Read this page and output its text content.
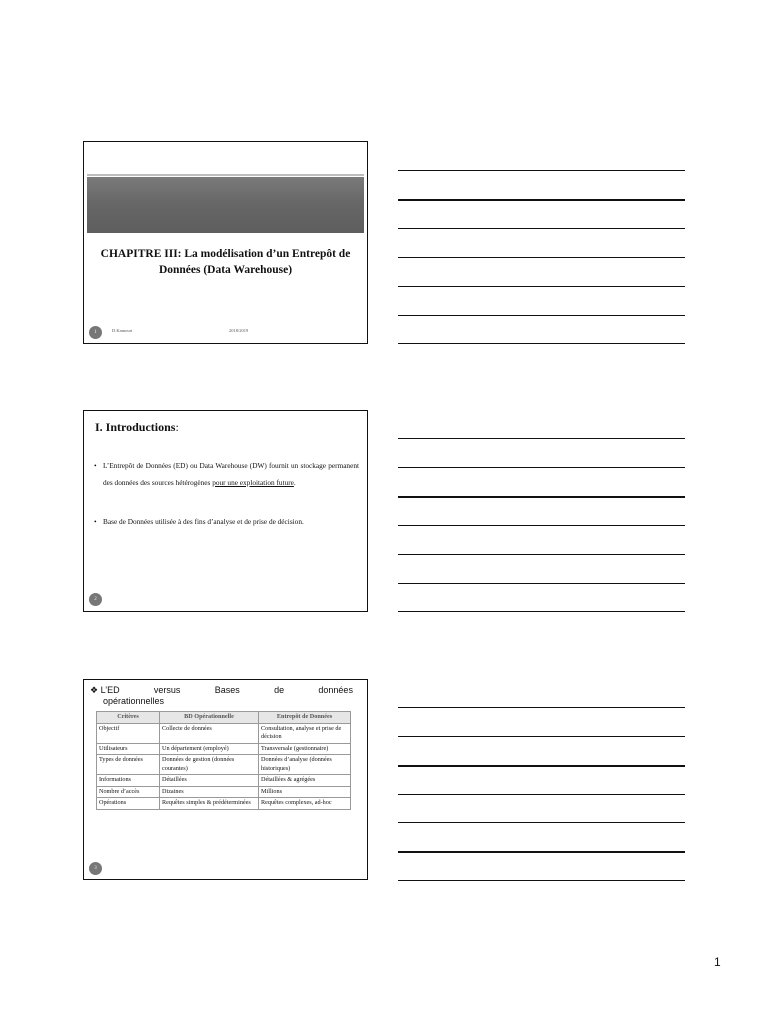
CHAPITRE III: La modélisation d’un Entrepôt de Données (Data Warehouse)
D.Kamouri	2018/2019
1
I. Introductions:
• L’Entrepôt de Données (ED) ou Data Warehouse (DW) fournit un stockage permanent des données des sources hétérogènes pour une exploitation future.
• Base de Données utilisée à des fins d’analyse et de prise de décision.
2
❖ L’ED	versus	Bases	de	données
opérationnelles
Critères	BD Opérationnelle	Entrepôt de Données
Objectif	Collecte de données	Consultation, analyse et prise de décision
Utilisateurs	Un département (employé)	Transversale (gestionnaire)
Types de données	Données de gestion (données courantes)	Données d’analyse (données historiques)
Informations	Détaillées	Détaillées & agrégées
Nombre d’accès	Dizaines	Millions
Opérations	Requêtes simples & prédéterminées	Requêtes complexes, ad-hoc
3
1
